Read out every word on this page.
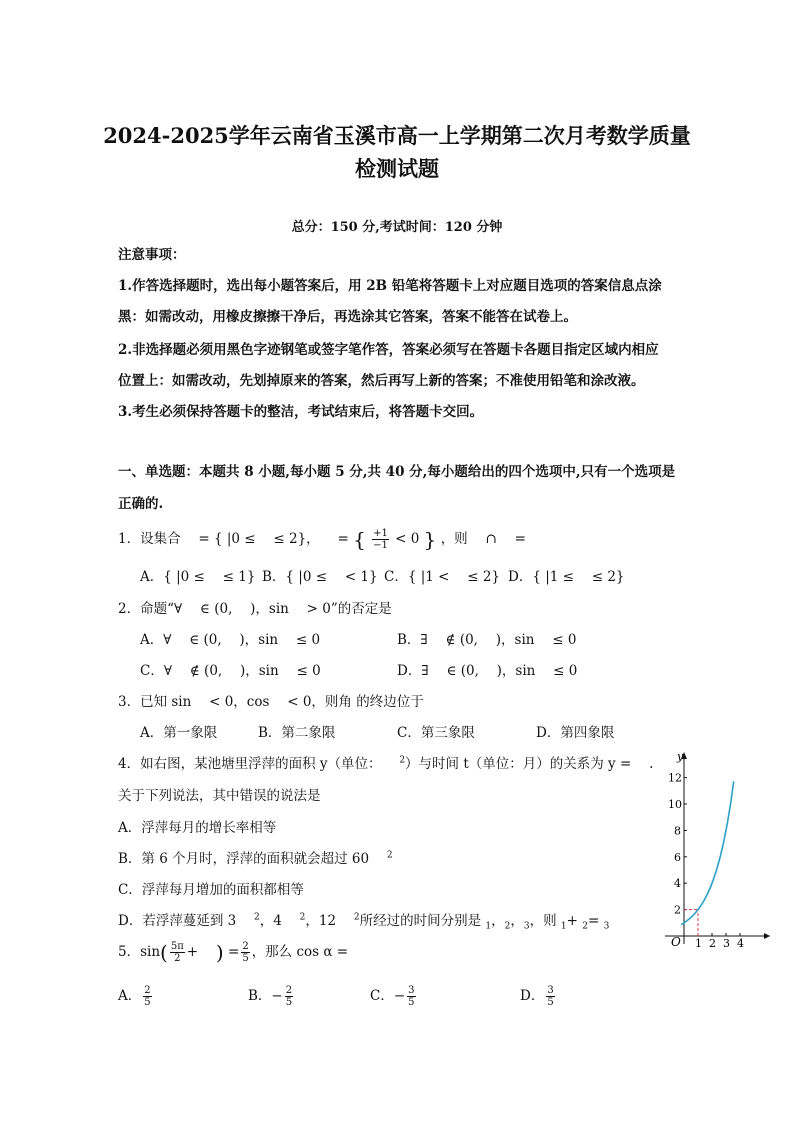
2024-2025学年云南省玉溪市高一上学期第二次月考数学质量
检测试题
总分：150 分,考试时间：120 分钟
注意事项：
1.作答选择题时，选出每小题答案后，用 2B 铅笔将答题卡上对应题目选项的答案信息点涂
黑：如需改动，用橡皮擦擦干净后，再选涂其它答案，答案不能答在试卷上。
2.非选择题必须用黑色字迹钢笔或签字笔作答，答案必须写在答题卡各题目指定区域内相应
位置上：如需改动，先划掉原来的答案，然后再写上新的答案；不准使用铅笔和涂改液。
3.考生必须保持答题卡的整洁，考试结束后，将答题卡交回。
一、单选题：本题共 8 小题,每小题 5 分,共 40 分,每小题给出的四个选项中,只有一个选项是
正确的.
1．设集合 　= { |0 ≤ 　≤ 2}， 　= { $\frac{+1}{-1} < 0$ } ，则 　∩ 　=
A．{ |0 ≤ 　≤ 1} B．{ |0 ≤ 　< 1} C．{ |1 < 　≤ 2} D．{ |1 ≤ 　≤ 2}
2．命题“∀ 　∈ (0, 　)，sin 　> 0”的否定是
A．∀ 　∈ (0, 　)，sin 　≤ 0	B．∃ 　∉ (0, 　)，sin 　≤ 0
C．∀ 　∉ (0, 　)，sin 　≤ 0	D．∃ 　∈ (0, 　)，sin 　≤ 0
3．已知 sin 　< 0，cos 　< 0，则角 的终边位于
A．第一象限	B．第二象限	C．第三象限	D．第四象限
4．如右图，某池塘里浮萍的面积 y（单位： 　$^2$）与时间 t（单位：月）的关系为 y = 　.
关于下列说法，其中错误的说法是
A．浮萍每月的增长率相等
B．第 6 个月时，浮萍的面积就会超过 60 　$^2$
C．浮萍每月增加的面积都相等
D．若浮萍蔓延到 3 　$^2$，4 　$^2$，12 　$^2$所经过的时间分别是 $_1$，$_2$，$_3$，则 $_1$+ $_2$= $_3$
5．$\sin( \frac{5\pi}{2}$ + 　) = $\frac{2}{5}$ ，那么 cos α =
A． $\frac{2}{5}$	B．− $\frac{2}{5}$	C．− $\frac{3}{5}$	D． $\frac{3}{5}$
y
O 1 2 3 4
2
4
6
8
10
12
